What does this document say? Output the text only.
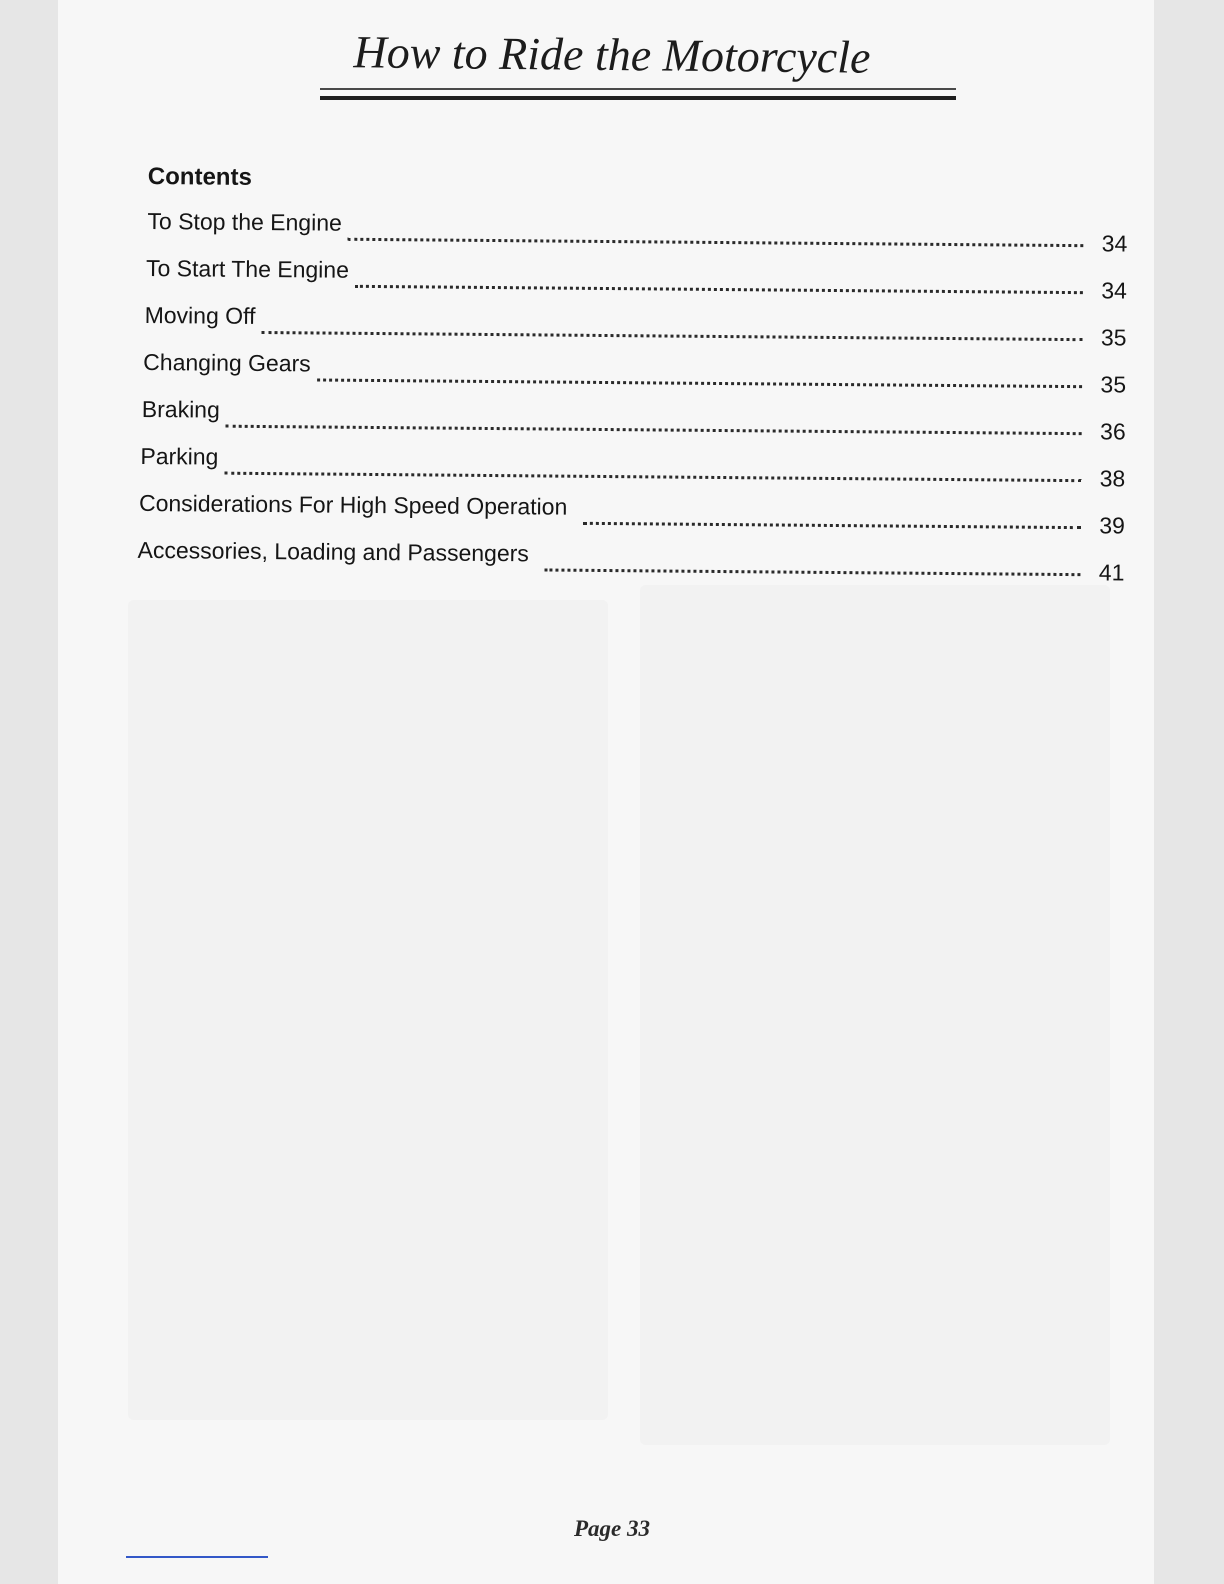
How to Ride the Motorcycle
Contents
To Stop the Engine
34
To Start The Engine
34
Moving Off
35
Changing Gears
35
Braking
36
Parking
38
Considerations For High Speed Operation
39
Accessories, Loading and Passengers
41
Page 33
